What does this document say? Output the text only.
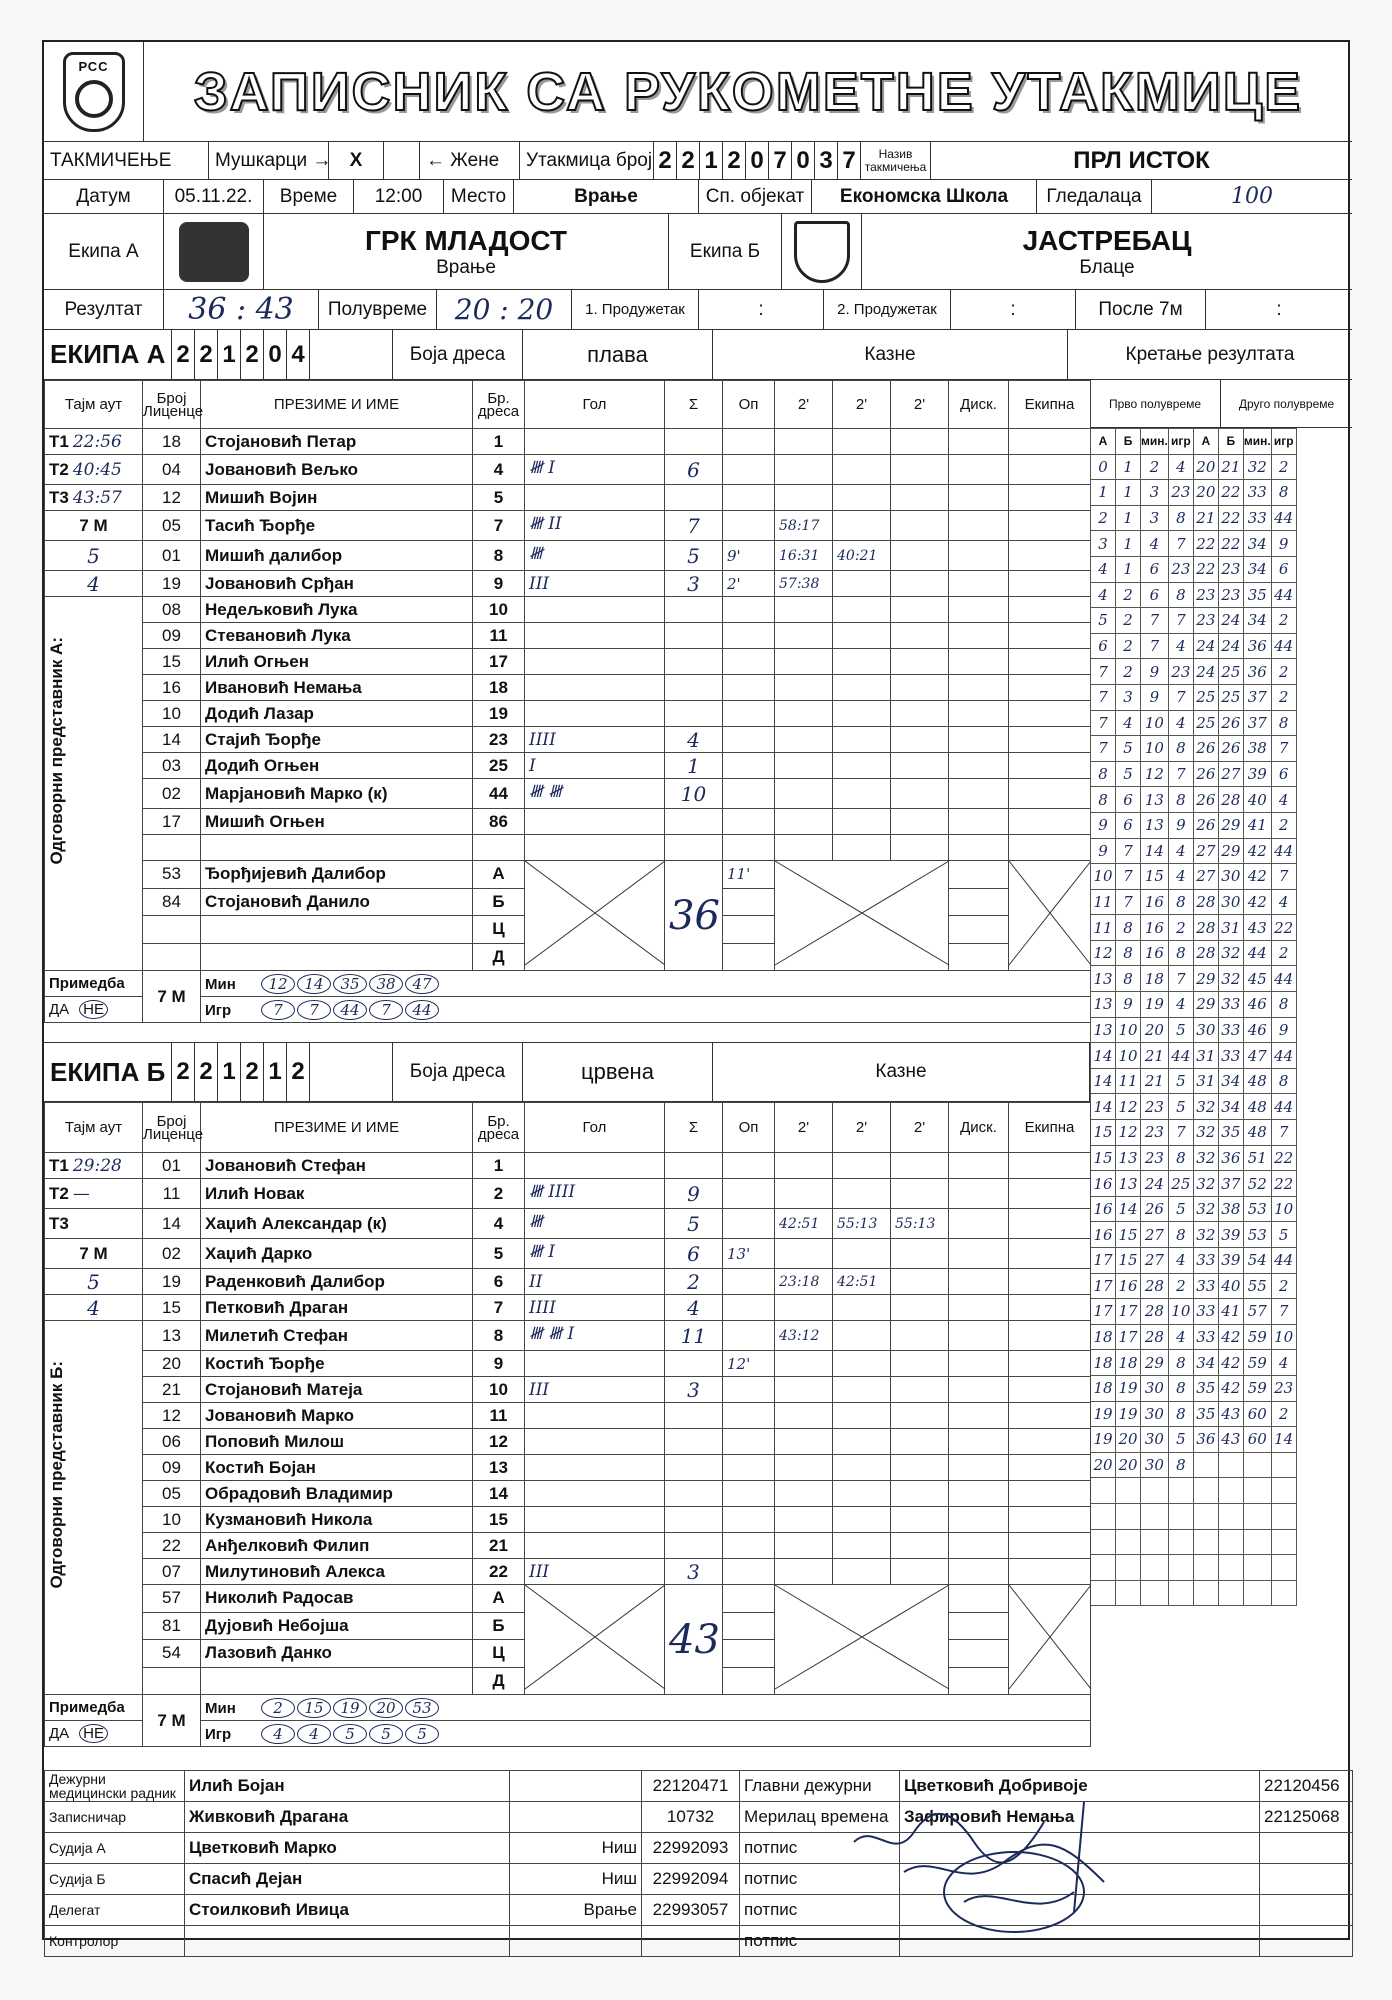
РСС	ЗАПИСНИК СА РУКОМЕТНЕ УТАКМИЦЕ
ТАКМИЧЕЊЕ	Мушкарци → Х	← Жене	Утакмица број 2 2 1 2 0 7 0 3 7	Назив такмичења	ПРЛ ИСТОК
Датум	05.11.22.	Време	12:00	Место	Врање	Сп. објекат	Економска Школа	Гледалаца	100
Екипа А	ГРК МЛАДОСТ
Врање
Екипа Б	ЈАСТРЕБАЦ
Блаце
Резултат	36 : 43	Полувреме 20 : 20	1. Продужетак	:	2. Продужетак	:	После 7м	:
ЕКИПА А 2 2 1 2 0 4	Боја дреса	плава	Казне	Кретање резултата
Тајм аут	Број Лиценце	ПРЕЗИМЕ И ИМЕ	Бр. дреса	Гол	Σ	Оп	2'	2'	2'	Диск.	Екипна
Т1 22:56	18	Стојановић Петар	1								
Т2 40:45	04	Јовановић Вељко	4	𝍸 I	6						
Т3 43:57	12	Мишић Војин	5								
7 М	05	Тасић Ђорђе	7	𝍸 II	7		58:17				
5	01	Мишић далибор	8	𝍸	5	9'	16:31	40:21			
4	19	Јовановић Срђан	9	III	3	2'	57:38				

Одговорни представник А:	08	Недељковић Лука	10								
	09	Стевановић Лука	11								
	15	Илић Огњен	17								
	16	Ивановић Немања	18								
	10	Додић Лазар	19								
	14	Стајић Ђорђе	23	IIII	4						
	03	Додић Огњен	25	I	1						
	02	Марјановић Марко (к)	44	𝍸 𝍸	10						
	17	Мишић Огњен	86								

	53	Ђорђијевић Далибор	А		36	11'			
	84	Стојановић Данило	Б								
			Ц								
			Д								
Примедба	7 М	Мин 12 14 35 38 47									
ДА НЕ		Игр 7 7 44 7 44									
Прво полувреме	Друго полувреме
А	Б	мин.	игр	А	Б	мин.	игр
0	1	2	4	20	21	32	2
1	1	3	23	20	22	33	8
2	1	3	8	21	22	33	44
3	1	4	7	22	22	34	9
4	1	6	23	22	23	34	6
4	2	6	8	23	23	35	44
5	2	7	7	23	24	34	2
6	2	7	4	24	24	36	44
7	2	9	23	24	25	36	2
7	3	9	7	25	25	37	2
7	4	10	4	25	26	37	8
7	5	10	8	26	26	38	7
8	5	12	7	26	27	39	6
8	6	13	8	26	28	40	4
9	6	13	9	26	29	41	2
9	7	14	4	27	29	42	44
10	7	15	4	27	30	42	7
11	7	16	8	28	30	42	4
11	8	16	2	28	31	43	22
12	8	16	8	28	32	44	2
13	8	18	7	29	32	45	44
13	9	19	4	29	33	46	8
13	10	20	5	30	33	46	9
14	10	21	44	31	33	47	44
14	11	21	5	31	34	48	8
14	12	23	5	32	34	48	44
15	12	23	7	32	35	48	7
15	13	23	8	32	36	51	22
16	13	24	25	32	37	52	22
16	14	26	5	32	38	53	10
16	15	27	8	32	39	53	5
17	15	27	4	33	39	54	44
17	16	28	2	33	40	55	2
17	17	28	10	33	41	57	7
18	17	28	4	33	42	59	10
18	18	29	8	34	42	59	4
18	19	30	8	35	42	59	23
19	19	30	8	35	43	60	2
19	20	30	5	36	43	60	14
20	20	30	8				

ЕКИПА Б 2 2 1 2 1 2	Боја дреса	црвена	Казне
Тајм аут	Број Лиценце	ПРЕЗИМЕ И ИМЕ	Бр. дреса	Гол	Σ	Оп	2'	2'	2'	Диск.	Екипна
Т1 29:28	01	Јовановић Стефан	1								
Т2 —	11	Илић Новак	2	𝍸 IIII	9						
Т3	14	Хаџић Александар (к)	4	𝍸	5		42:51	55:13	55:13		
7 М	02	Хаџић Дарко	5	𝍸 I	6	13'					
5	19	Раденковић Далибор	6	II	2		23:18	42:51			
4	15	Петковић Драган	7	IIII	4						

Одговорни представник Б:	13	Милетић Стефан	8	𝍸 𝍸 I	11		43:12				
	20	Костић Ђорђе	9			12'					
	21	Стојановић Матеја	10	III	3						
	12	Јовановић Марко	11								
	06	Поповић Милош	12								
	09	Костић Бојан	13								
	05	Обрадовић Владимир	14								
	10	Кузмановић Никола	15								
	22	Анђелковић Филип	21								
	07	Милутиновић Алекса	22	III	3						
	57	Николић Радосав	А		43				
	81	Дујовић Небојша	Б								
	54	Лазовић Данко	Ц								
			Д								
Примедба	7 М	Мин 2 15 19 20 53									
ДА НЕ		Игр 4 4 5 5 5									
Дежурни медицински радник	Илић Бојан		22120471	Главни дежурни	Цветковић Добривоје	22120456
Записничар	Живковић Драгана		10732	Мерилац времена	Зафировић Немања	22125068
Судија А	Цветковић Марко	Ниш	22992093	потпис		
Судија Б	Спасић Дејан	Ниш	22992094	потпис		
Делегат	Стоилковић Ивица	Врање	22993057	потпис		
Контролор				потпис		
